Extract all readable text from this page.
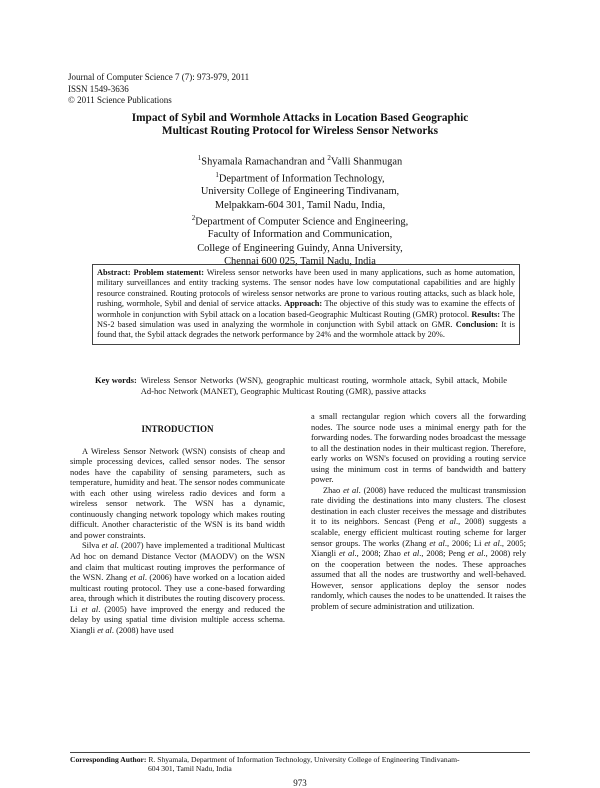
Journal of Computer Science 7 (7): 973-979, 2011
ISSN 1549-3636
© 2011 Science Publications
Impact of Sybil and Wormhole Attacks in Location Based Geographic
Multicast Routing Protocol for Wireless Sensor Networks
$^1$Shyamala Ramachandran and $^2$Valli Shanmugan
$^1$Department of Information Technology,
University College of Engineering Tindivanam,
Melpakkam-604 301, Tamil Nadu, India,
$^2$Department of Computer Science and Engineering,
Faculty of Information and Communication,
College of Engineering Guindy, Anna University,
Chennai 600 025, Tamil Nadu, India
Abstract: Problem statement: Wireless sensor networks have been used in many applications, such as home automation, military surveillances and entity tracking systems. The sensor nodes have low computational capabilities and are highly resource constrained. Routing protocols of wireless sensor networks are prone to various routing attacks, such as black hole, rushing, wormhole, Sybil and denial of service attacks. Approach: The objective of this study was to examine the effects of wormhole in conjunction with Sybil attack on a location based-Geographic Multicast Routing (GMR) protocol. Results: The NS-2 based simulation was used in analyzing the wormhole in conjunction with Sybil attack on GMR. Conclusion: It is found that, the Sybil attack degrades the network performance by 24% and the wormhole attack by 20%.
Key words: Wireless Sensor Networks (WSN), geographic multicast routing, wormhole attack, Sybil attack, Mobile Ad-hoc Network (MANET), Geographic Multicast Routing (GMR), passive attacks
INTRODUCTION

A Wireless Sensor Network (WSN) consists of cheap and simple processing devices, called sensor nodes. The sensor nodes have the capability of sensing parameters, such as temperature, humidity and heat. The sensor nodes communicate with each other using wireless radio devices and form a wireless sensor network. The WSN has a dynamic, continuously changing network topology which makes routing difficult. Another characteristic of the WSN is its band width and power constraints.

Silva et al. (2007) have implemented a traditional Multicast Ad hoc on demand Distance Vector (MAODV) on the WSN and claim that multicast routing improves the performance of the WSN. Zhang et al. (2006) have worked on a location aided multicast routing protocol. They use a cone-based forwarding area, through which it distributes the routing discovery process. Li et al. (2005) have improved the energy and reduced the delay by using spatial time division multiple access schema. Xiangli et al. (2008) have used

a small rectangular region which covers all the forwarding nodes. The source node uses a minimal energy path for the forwarding nodes. The forwarding nodes broadcast the message to all the destination nodes in their multicast region. Therefore, early works on WSN's focused on providing a routing service using the minimum cost in terms of bandwidth and battery power.

Zhao et al. (2008) have reduced the multicast transmission rate dividing the destinations into many clusters. The closest destination in each cluster receives the message and distributes it to its neighbors. Sencast (Peng et al., 2008) suggests a scalable, energy efficient multicast routing scheme for larger sensor groups. The works (Zhang et al., 2006; Li et al., 2005; Xiangli et al., 2008; Zhao et al., 2008; Peng et al., 2008) rely on the cooperation between the nodes. These approaches assumed that all the nodes are trustworthy and well-behaved. However, sensor applications deploy the sensor nodes randomly, which causes the nodes to be unattended. It raises the problem of secure administration and utilization.

Corresponding Author: R. Shyamala, Department of Information Technology, University College of Engineering Tindivanam-
604 301, Tamil Nadu, India
973
